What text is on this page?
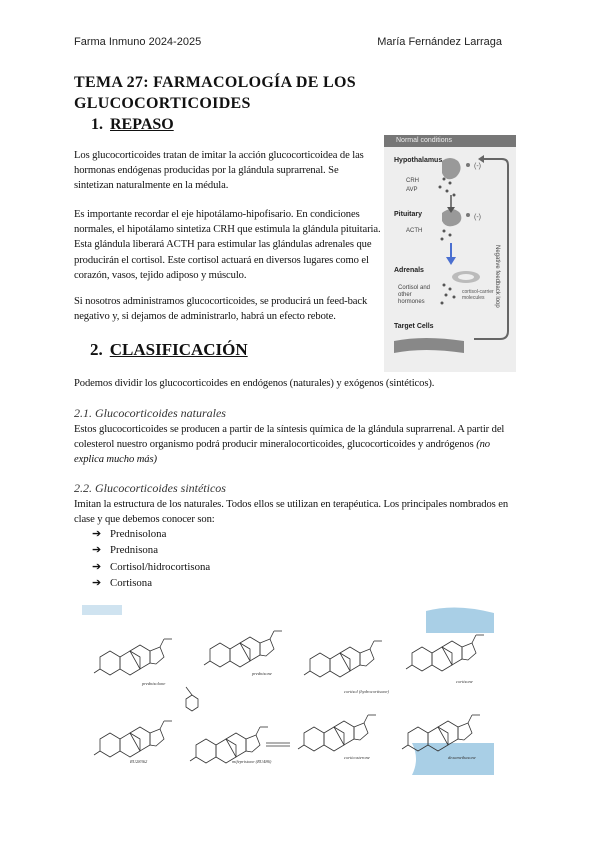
Farma Inmuno 2024-2025	María Fernández Larraga
TEMA 27: FARMACOLOGÍA DE LOS GLUCOCORTICOIDES
1. REPASO

Los glucocorticoides tratan de imitar la acción glucocorticoidea de las hormonas endógenas producidas por la glándula suprarrenal. Se sintetizan naturalmente en la médula.

Es importante recordar el eje hipotálamo-hipofisario. En condiciones normales, el hipotálamo sintetiza CRH que estimula la glándula pituitaria. Esta glándula liberará ACTH para estimular las glándulas adrenales que producirán el cortisol. Este cortisol actuará en diversos lugares como el corazón, vasos, tejido adiposo y músculo.

Si nosotros administramos glucocorticoides, se producirá un feed-back negativo y, si dejamos de administrarlo, habrá un efecto rebote.

Normal conditions
Hypothalamus
CRH
AVP
Pituitary
ACTH
Adrenals
Cortisol and other hormones
Target Cells
Negative feedback loop
(-)
(-)
cortisol-carrier
molecules
2. CLASIFICACIÓN

Podemos dividir los glucocorticoides en endógenos (naturales) y exógenos (sintéticos).

2.1. Glucocorticoides naturales

Estos glucocorticoides se producen a partir de la síntesis química de la glándula suprarrenal. A partir del colesterol nuestro organismo podrá producir mineralocorticoides, glucocorticoides y andrógenos (no explica mucho más)

2.2. Glucocorticoides sintéticos

Imitan la estructura de los naturales. Todos ellos se utilizan en terapéutica. Los principales nombrados en clase y que debemos conocer son:

➔ Prednisolona
➔ Prednisona
➔ Cortisol/hidrocortisona
➔ Cortisona
prednisolone
prednisone
cortisol (hydrocortisone)
cortisone
RU28362	mifepristone (RU486)
corticosterone	dexamethasone
